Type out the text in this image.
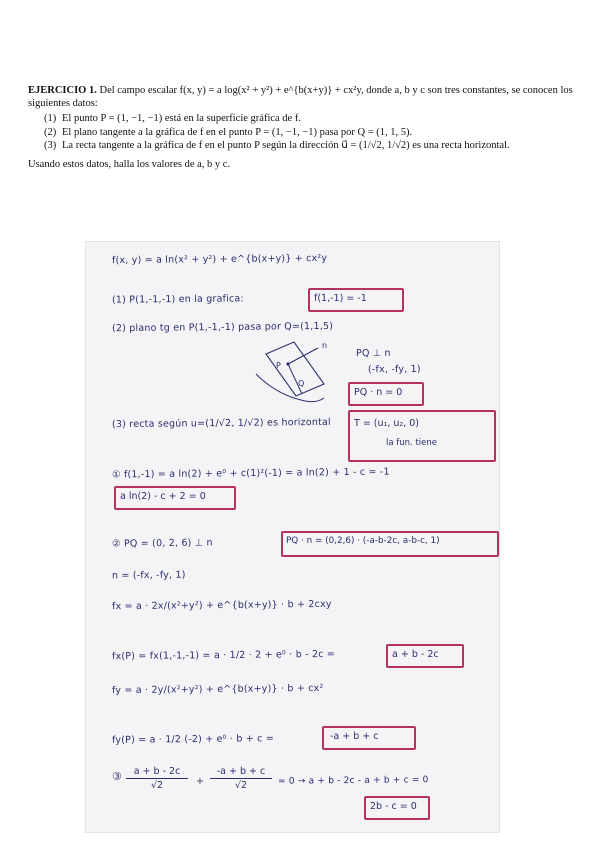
EJERCICIO 1. Del campo escalar f(x, y) = a log(x² + y²) + e^{b(x+y)} + cx²y, donde a, b y c son tres constantes, se conocen los siguientes datos:
(1) El punto P = (1, −1, −1) está en la superficie gráfica de f.
(2) El plano tangente a la gráfica de f en el punto P = (1, −1, −1) pasa por Q = (1, 1, 5).
(3) La recta tangente a la gráfica de f en el punto P según la dirección u⃗ = (1/√2, 1/√2) es una recta horizontal.
Usando estos datos, halla los valores de a, b y c.
f(x, y) = a ln(x² + y²) + e^{b(x+y)} + cx²y
(1) P(1,-1,-1) en la grafica:	f(1,-1) = -1
(2) plano tg en P(1,-1,-1) pasa por Q=(1,1,5)
P
n
Q
PQ ⊥ n
(-fx, -fy, 1)
PQ · n = 0
(3) recta según u=(1/√2, 1/√2) es horizontal T = (u₁, u₂, 0)
la fun. tiene
① f(1,-1) = a ln(2) + e⁰ + c(1)²(-1) = a ln(2) + 1 - c = -1
a ln(2) - c + 2 = 0
② PQ = (0, 2, 6) ⊥ n	PQ · n = (0,2,6) · (-a-b-2c, a-b-c, 1)
n = (-fx, -fy, 1)
fx = a · 2x/(x²+y²) + e^{b(x+y)} · b + 2cxy
fx(P) = fx(1,-1,-1) = a · 1/2 · 2 + e⁰ · b - 2c =	a + b - 2c
fy = a · 2y/(x²+y²) + e^{b(x+y)} · b + cx²
fy(P) = a · 1/2 (-2) + e⁰ · b + c =	-a + b + c
③	a + b - 2c
√2	+
-a + b + c
√2	= 0 → a + b - 2c - a + b + c = 0
2b - c = 0
